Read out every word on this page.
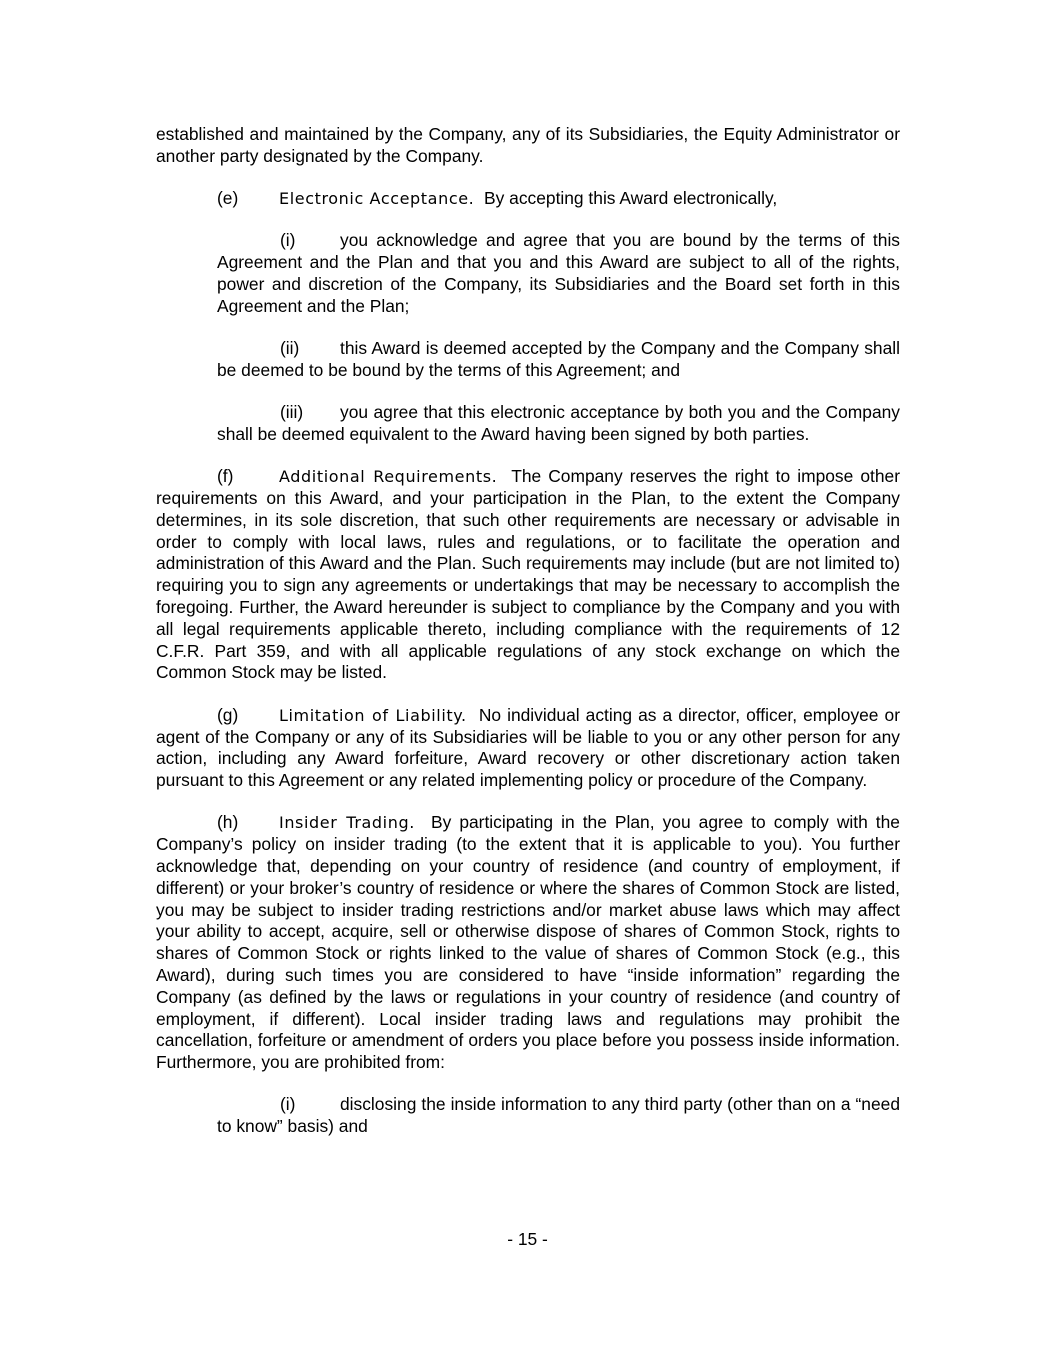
established and maintained by the Company, any of its Subsidiaries, the Equity Administrator or another party designated by the Company.

(e)	Electronic Acceptance. By accepting this Award electronically,

(i)	you acknowledge and agree that you are bound by the terms of this Agreement and the Plan and that you and this Award are subject to all of the rights, power and discretion of the Company, its Subsidiaries and the Board set forth in this Agreement and the Plan;

(ii) this Award is deemed accepted by the Company and the Company shall be deemed to be bound by the terms of this Agreement; and

(iii) you agree that this electronic acceptance by both you and the Company shall be deemed equivalent to the Award having been signed by both parties.

(f)	Additional Requirements. The Company reserves the right to impose other requirements on this Award, and your participation in the Plan, to the extent the Company determines, in its sole discretion, that such other requirements are necessary or advisable in order to comply with local laws, rules and regulations, or to facilitate the operation and administration of this Award and the Plan. Such requirements may include (but are not limited to) requiring you to sign any agreements or undertakings that may be necessary to accomplish the foregoing. Further, the Award hereunder is subject to compliance by the Company and you with all legal requirements applicable thereto, including compliance with the requirements of 12 C.F.R. Part 359, and with all applicable regulations of any stock exchange on which the Common Stock may be listed.

(g)	Limitation of Liability. No individual acting as a director, officer, employee or agent of the Company or any of its Subsidiaries will be liable to you or any other person for any action, including any Award forfeiture, Award recovery or other discretionary action taken pursuant to this Agreement or any related implementing policy or procedure of the Company.

(h)	Insider Trading. By participating in the Plan, you agree to comply with the Company’s policy on insider trading (to the extent that it is applicable to you). You further acknowledge that, depending on your country of residence (and country of employment, if different) or your broker’s country of residence or where the shares of Common Stock are listed, you may be subject to insider trading restrictions and/or market abuse laws which may affect your ability to accept, acquire, sell or otherwise dispose of shares of Common Stock, rights to shares of Common Stock or rights linked to the value of shares of Common Stock (e.g., this Award), during such times you are considered to have “inside information” regarding the Company (as defined by the laws or regulations in your country of residence (and country of employment, if different). Local insider trading laws and regulations may prohibit the cancellation, forfeiture or amendment of orders you place before you possess inside information. Furthermore, you are prohibited from:

(i)	disclosing the inside information to any third party (other than on a “need to know” basis) and

- 15 -
